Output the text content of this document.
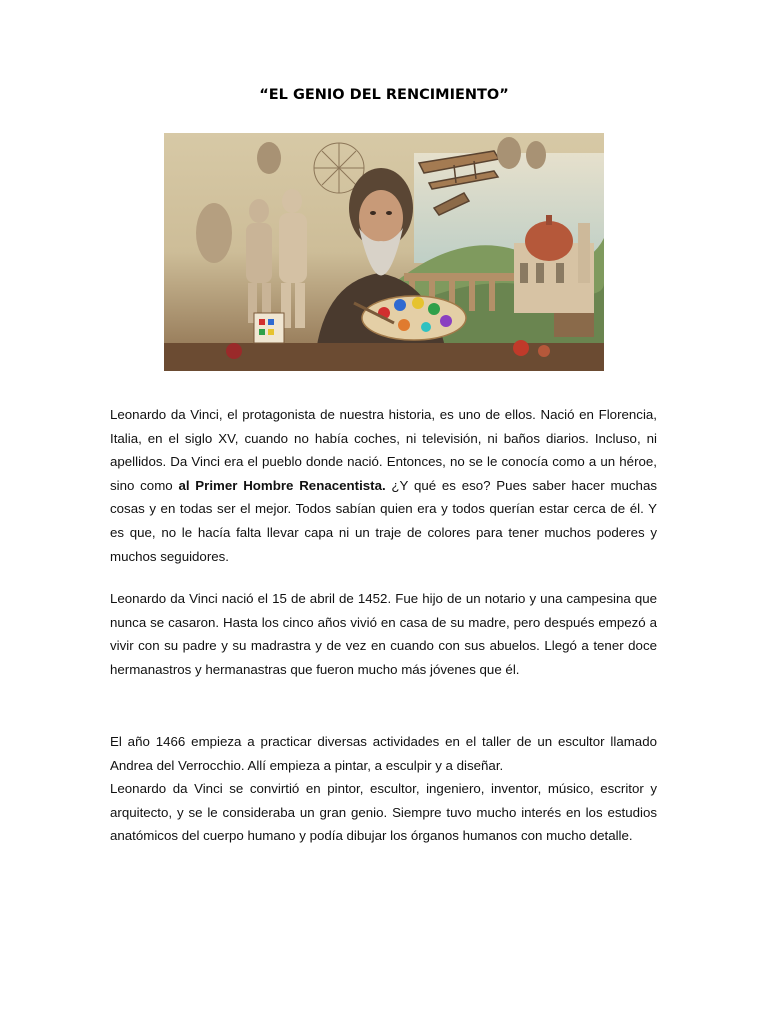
“EL GENIO DEL RENCIMIENTO”

Leonardo da Vinci, el protagonista de nuestra historia, es uno de ellos. Nació en Florencia, Italia, en el siglo XV, cuando no había coches, ni televisión, ni baños diarios. Incluso, ni apellidos. Da Vinci era el pueblo donde nació. Entonces, no se le conocía como a un héroe, sino como al Primer Hombre Renacentista. ¿Y qué es eso? Pues saber hacer muchas cosas y en todas ser el mejor. Todos sabían quien era y todos querían estar cerca de él. Y es que, no le hacía falta llevar capa ni un traje de colores para tener muchos poderes y muchos seguidores.

Leonardo da Vinci nació el 15 de abril de 1452. Fue hijo de un notario y una campesina que nunca se casaron. Hasta los cinco años vivió en casa de su madre, pero después empezó a vivir con su padre y su madrastra y de vez en cuando con sus abuelos. Llegó a tener doce hermanastros y hermanastras que fueron mucho más jóvenes que él.

El año 1466 empieza a practicar diversas actividades en el taller de un escultor llamado Andrea del Verrocchio. Allí empieza a pintar, a esculpir y a diseñar.

Leonardo da Vinci se convirtió en pintor, escultor, ingeniero, inventor, músico, escritor y arquitecto, y se le consideraba un gran genio. Siempre tuvo mucho interés en los estudios anatómicos del cuerpo humano y podía dibujar los órganos humanos con mucho detalle.
